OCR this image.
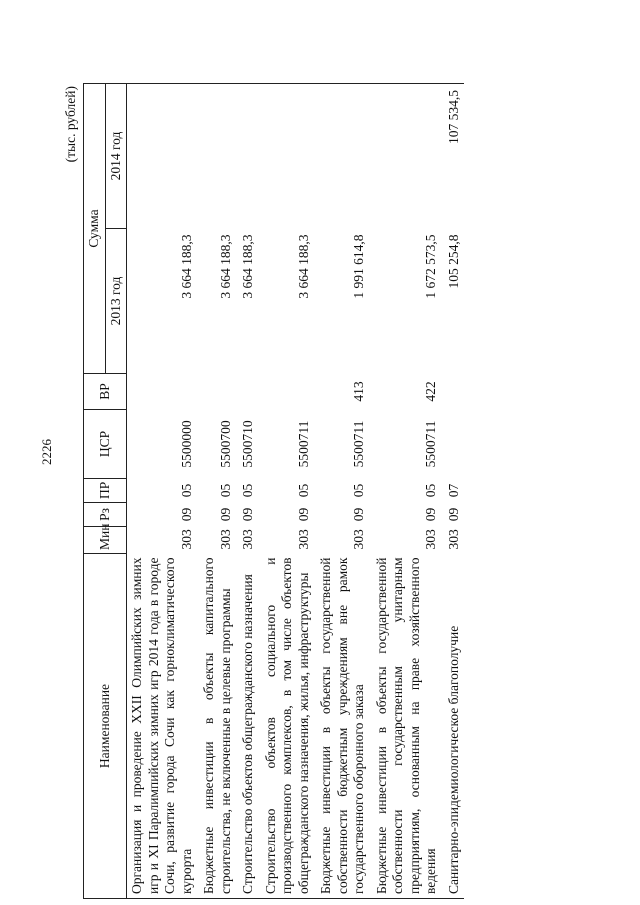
2226
(тыс. рублей)
Наименование	Мин	Рз	ПР	ЦСР	ВР	Сумма	
						2013 год	2014 год
Организация и проведение XXII Олимпийских зимних игр и XI Паралимпийских зимних игр 2014 года в городе Сочи, развитие города Сочи как горноклиматического курорта	303	09	05	5500000		3 664 188,3	
Бюджетные инвестиции в объекты капитального строительства, не включенные в целевые программы	303	09	05	5500700		3 664 188,3	
Строительство объектов общегражданского назначения	303	09	05	5500710		3 664 188,3	
Строительство объектов социального и производственного комплексов, в том числе объектов общегражданского назначения, жилья, инфраструктуры	303	09	05	5500711		3 664 188,3	
Бюджетные инвестиции в объекты государственной собственности бюджетным учреждениям вне рамок государственного оборонного заказа	303	09	05	5500711	413	1 991 614,8	
Бюджетные инвестиции в объекты государственной собственности государственным унитарным предприятиям, основанным на праве хозяйственного ведения	303	09	05	5500711	422	1 672 573,5	
Санитарно-эпидемиологическое благополучие	303	09	07			105 254,8	107 534,5
